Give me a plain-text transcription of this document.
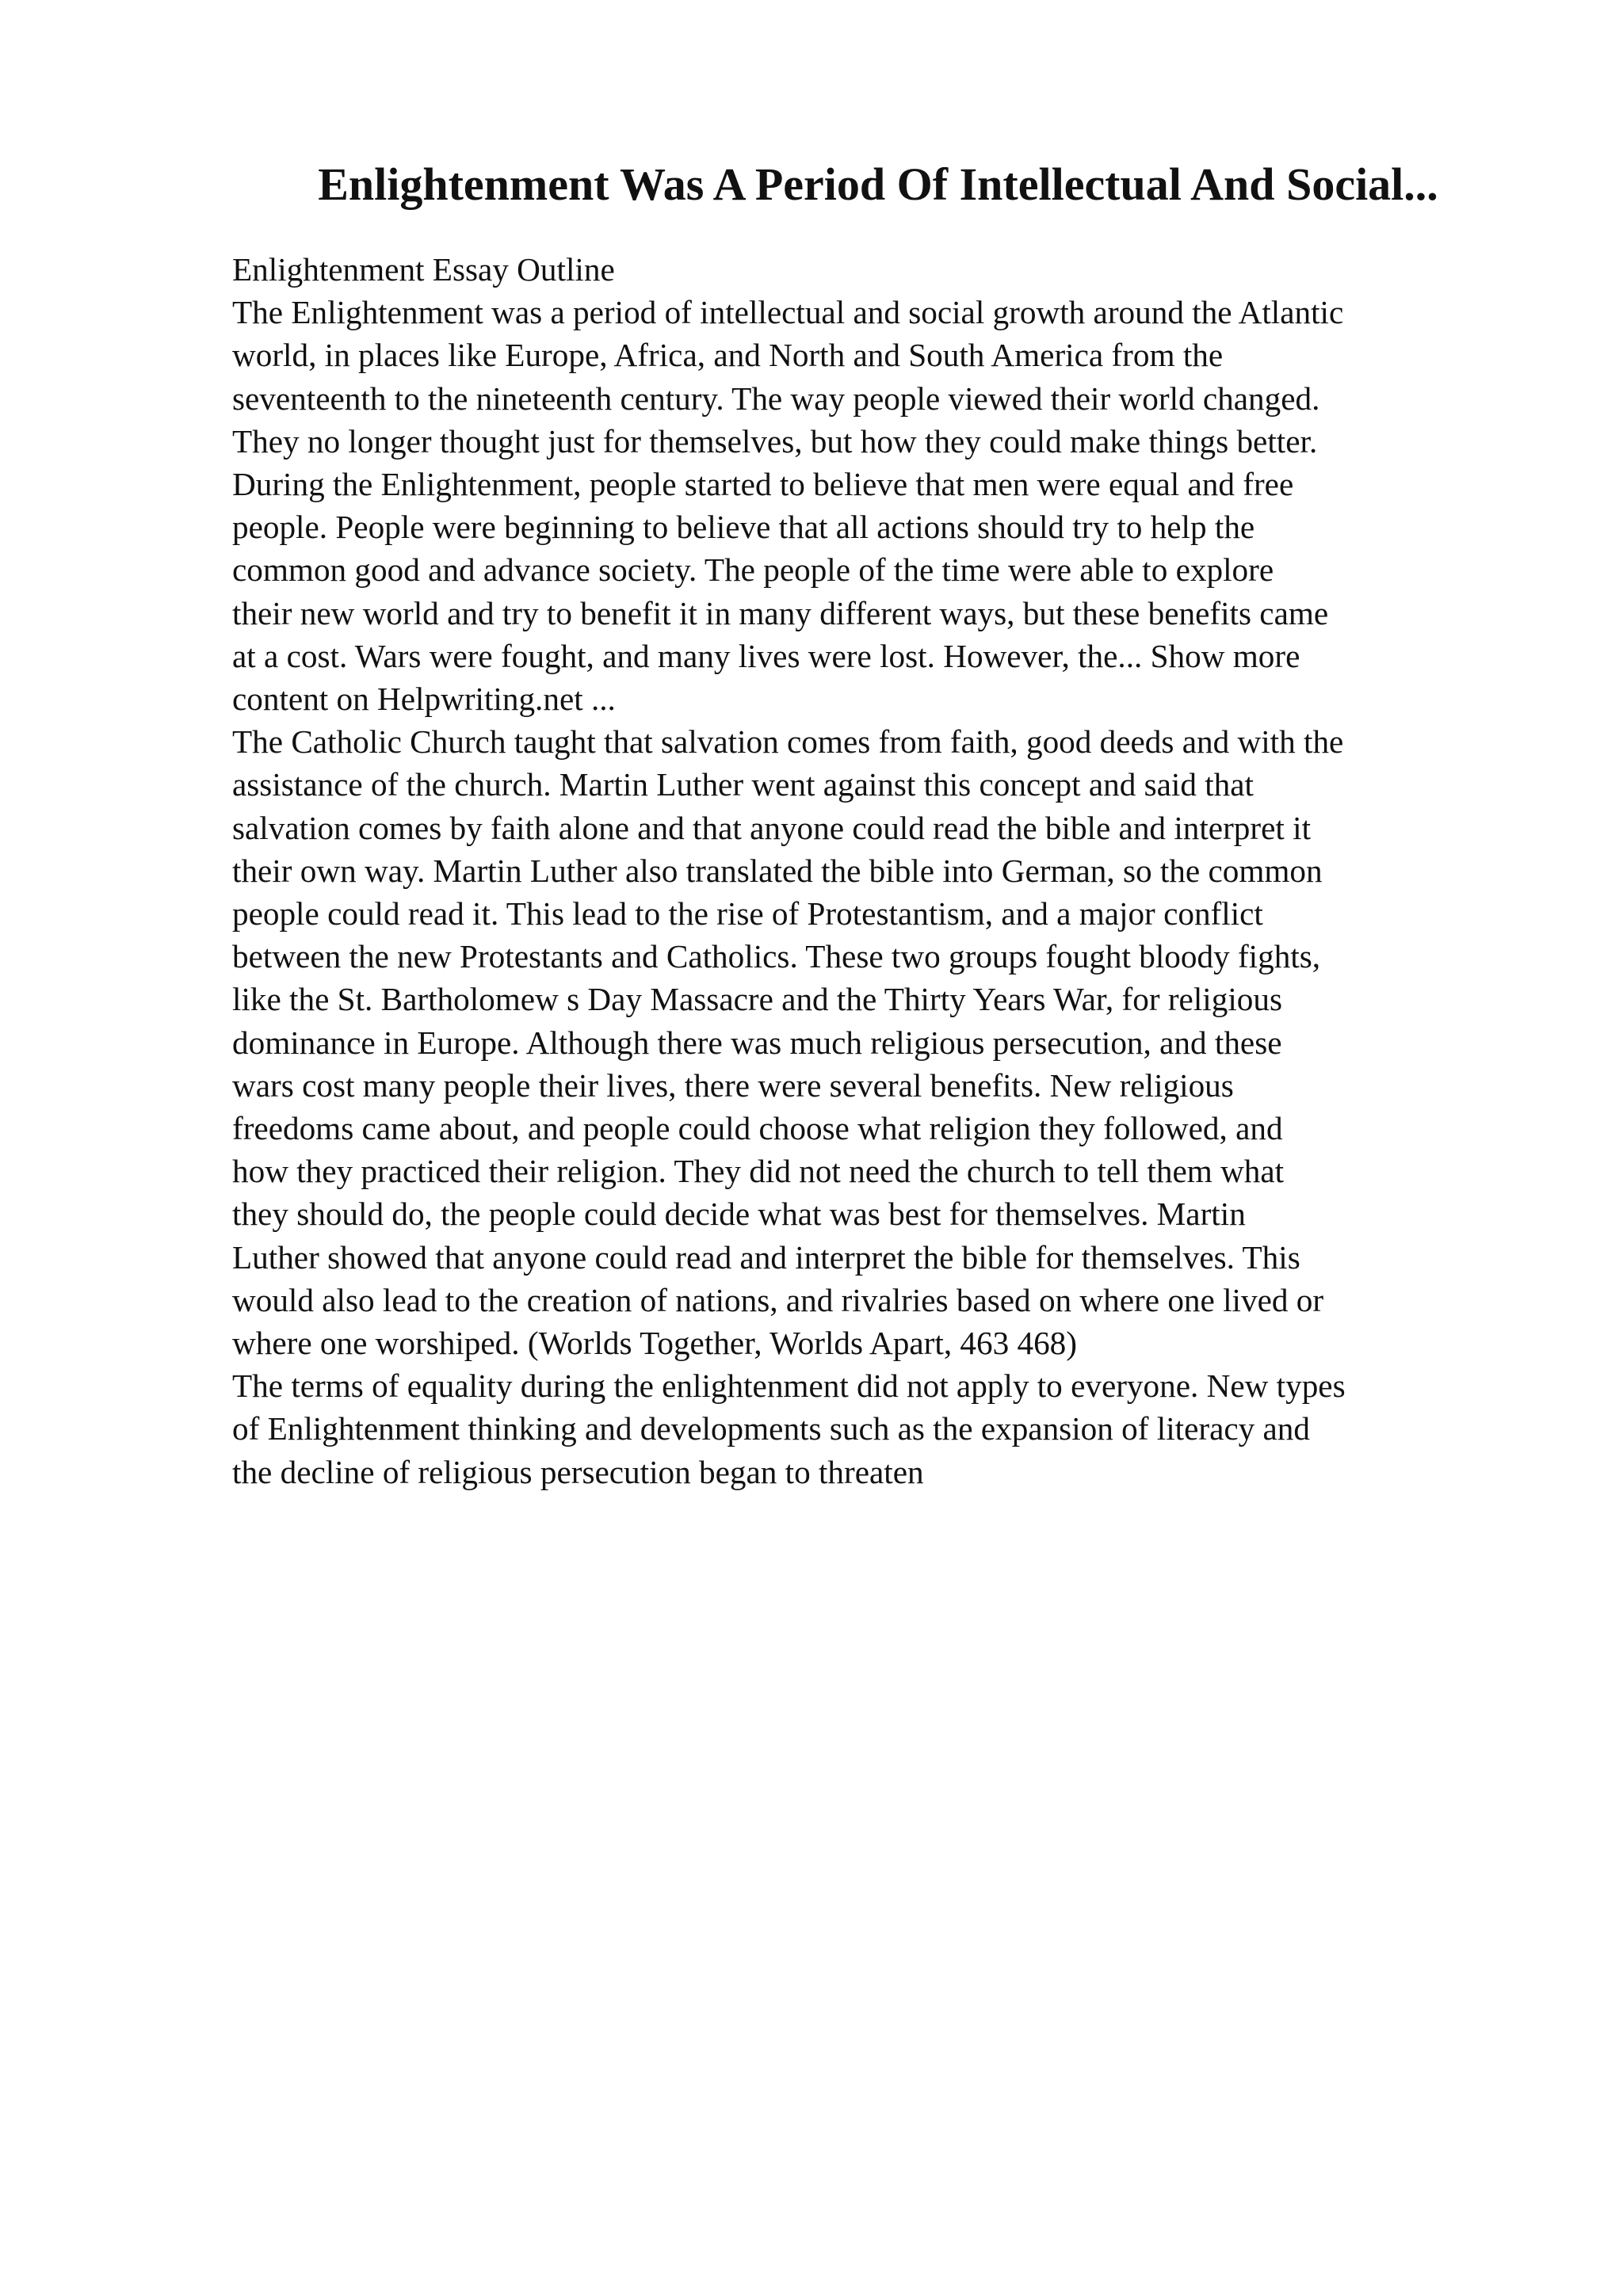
Enlightenment Was A Period Of Intellectual And Social...
Enlightenment Essay Outline
The Enlightenment was a period of intellectual and social growth around the Atlantic
world, in places like Europe, Africa, and North and South America from the
seventeenth to the nineteenth century. The way people viewed their world changed.
They no longer thought just for themselves, but how they could make things better.
During the Enlightenment, people started to believe that men were equal and free
people. People were beginning to believe that all actions should try to help the
common good and advance society. The people of the time were able to explore
their new world and try to benefit it in many different ways, but these benefits came
at a cost. Wars were fought, and many lives were lost. However, the... Show more
content on Helpwriting.net ...
The Catholic Church taught that salvation comes from faith, good deeds and with the
assistance of the church. Martin Luther went against this concept and said that
salvation comes by faith alone and that anyone could read the bible and interpret it
their own way. Martin Luther also translated the bible into German, so the common
people could read it. This lead to the rise of Protestantism, and a major conflict
between the new Protestants and Catholics. These two groups fought bloody fights,
like the St. Bartholomew s Day Massacre and the Thirty Years War, for religious
dominance in Europe. Although there was much religious persecution, and these
wars cost many people their lives, there were several benefits. New religious
freedoms came about, and people could choose what religion they followed, and
how they practiced their religion. They did not need the church to tell them what
they should do, the people could decide what was best for themselves. Martin
Luther showed that anyone could read and interpret the bible for themselves. This
would also lead to the creation of nations, and rivalries based on where one lived or
where one worshiped. (Worlds Together, Worlds Apart, 463 468)
The terms of equality during the enlightenment did not apply to everyone. New types
of Enlightenment thinking and developments such as the expansion of literacy and
the decline of religious persecution began to threaten
